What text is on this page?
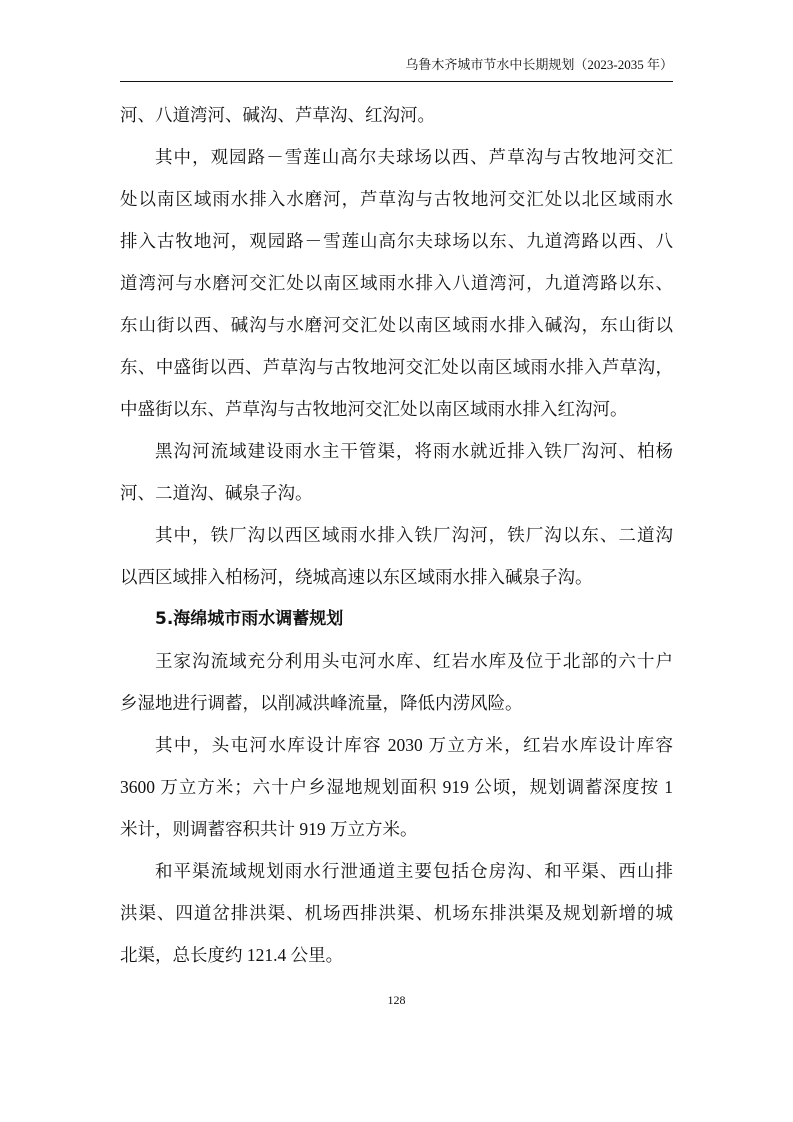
乌鲁木齐城市节水中长期规划（2023-2035 年）
河、八道湾河、碱沟、芦草沟、红沟河。
其中，观园路－雪莲山高尔夫球场以西、芦草沟与古牧地河交汇
处以南区域雨水排入水磨河，芦草沟与古牧地河交汇处以北区域雨水
排入古牧地河，观园路－雪莲山高尔夫球场以东、九道湾路以西、八
道湾河与水磨河交汇处以南区域雨水排入八道湾河，九道湾路以东、
东山街以西、碱沟与水磨河交汇处以南区域雨水排入碱沟，东山街以
东、中盛街以西、芦草沟与古牧地河交汇处以南区域雨水排入芦草沟，
中盛街以东、芦草沟与古牧地河交汇处以南区域雨水排入红沟河。
黑沟河流域建设雨水主干管渠，将雨水就近排入铁厂沟河、柏杨
河、二道沟、碱泉子沟。
其中，铁厂沟以西区域雨水排入铁厂沟河，铁厂沟以东、二道沟
以西区域排入柏杨河，绕城高速以东区域雨水排入碱泉子沟。
5.海绵城市雨水调蓄规划
王家沟流域充分利用头屯河水库、红岩水库及位于北部的六十户
乡湿地进行调蓄，以削减洪峰流量，降低内涝风险。
其中，头屯河水库设计库容 2030 万立方米，红岩水库设计库容
3600 万立方米；六十户乡湿地规划面积 919 公顷，规划调蓄深度按 1
米计，则调蓄容积共计 919 万立方米。
和平渠流域规划雨水行泄通道主要包括仓房沟、和平渠、西山排
洪渠、四道岔排洪渠、机场西排洪渠、机场东排洪渠及规划新增的城
北渠，总长度约 121.4 公里。
128
